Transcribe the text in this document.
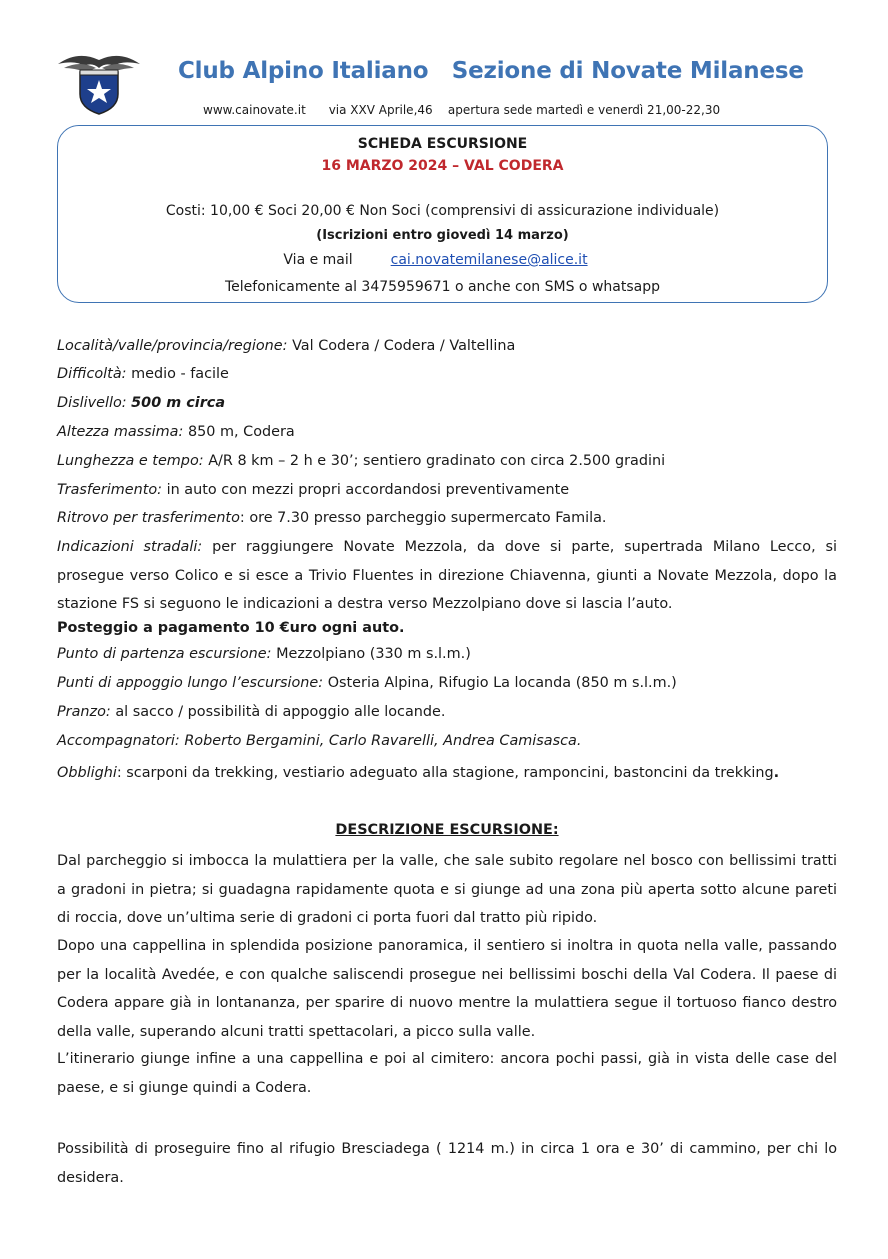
Club Alpino Italiano   Sezione di Novate Milanese
www.cainovate.it via XXV Aprile,46 apertura sede martedì e venerdì 21,00-22,30
SCHEDA ESCURSIONE
16 MARZO 2024 – VAL CODERA
Costi: 10,00 € Soci 20,00 € Non Soci (comprensivi di assicurazione individuale)
(Iscrizioni entro giovedì 14 marzo)
Via e mail	cai.novatemilanese@alice.it
Telefonicamente al 3475959671 o anche con SMS o whatsapp
Località/valle/provincia/regione: Val Codera / Codera / Valtellina
Difficoltà: medio - facile
Dislivello: 500 m circa
Altezza massima: 850 m, Codera
Lunghezza e tempo: A/R 8 km – 2 h e 30’; sentiero gradinato con circa 2.500 gradini
Trasferimento: in auto con mezzi propri accordandosi preventivamente
Ritrovo per trasferimento: ore 7.30 presso parcheggio supermercato Famila.
Indicazioni stradali: per raggiungere Novate Mezzola, da dove si parte, supertrada Milano Lecco, si prosegue verso Colico e si esce a Trivio Fluentes in direzione Chiavenna, giunti a Novate Mezzola, dopo la stazione FS si seguono le indicazioni a destra verso Mezzolpiano dove si lascia l’auto.
Posteggio a pagamento 10 €uro ogni auto.
Punto di partenza escursione: Mezzolpiano (330 m s.l.m.)
Punti di appoggio lungo l’escursione: Osteria Alpina, Rifugio La locanda (850 m s.l.m.)
Pranzo: al sacco / possibilità di appoggio alle locande.
Accompagnatori: Roberto Bergamini, Carlo Ravarelli, Andrea Camisasca.
Obblighi: scarponi da trekking, vestiario adeguato alla stagione, ramponcini, bastoncini da trekking.
DESCRIZIONE ESCURSIONE:
Dal parcheggio si imbocca la mulattiera per la valle, che sale subito regolare nel bosco con bellissimi tratti a gradoni in pietra; si guadagna rapidamente quota e si giunge ad una zona più aperta sotto alcune pareti di roccia, dove un’ultima serie di gradoni ci porta fuori dal tratto più ripido.
Dopo una cappellina in splendida posizione panoramica, il sentiero si inoltra in quota nella valle, passando per la località Avedée, e con qualche saliscendi prosegue nei bellissimi boschi della Val Codera. Il paese di Codera appare già in lontananza, per sparire di nuovo mentre la mulattiera segue il tortuoso fianco destro della valle, superando alcuni tratti spettacolari, a picco sulla valle.
L’itinerario giunge infine a una cappellina e poi al cimitero: ancora pochi passi, già in vista delle case del paese, e si giunge quindi a Codera.
Possibilità di proseguire fino al rifugio Bresciadega ( 1214 m.) in circa 1 ora e 30’ di cammino, per chi lo desidera.
